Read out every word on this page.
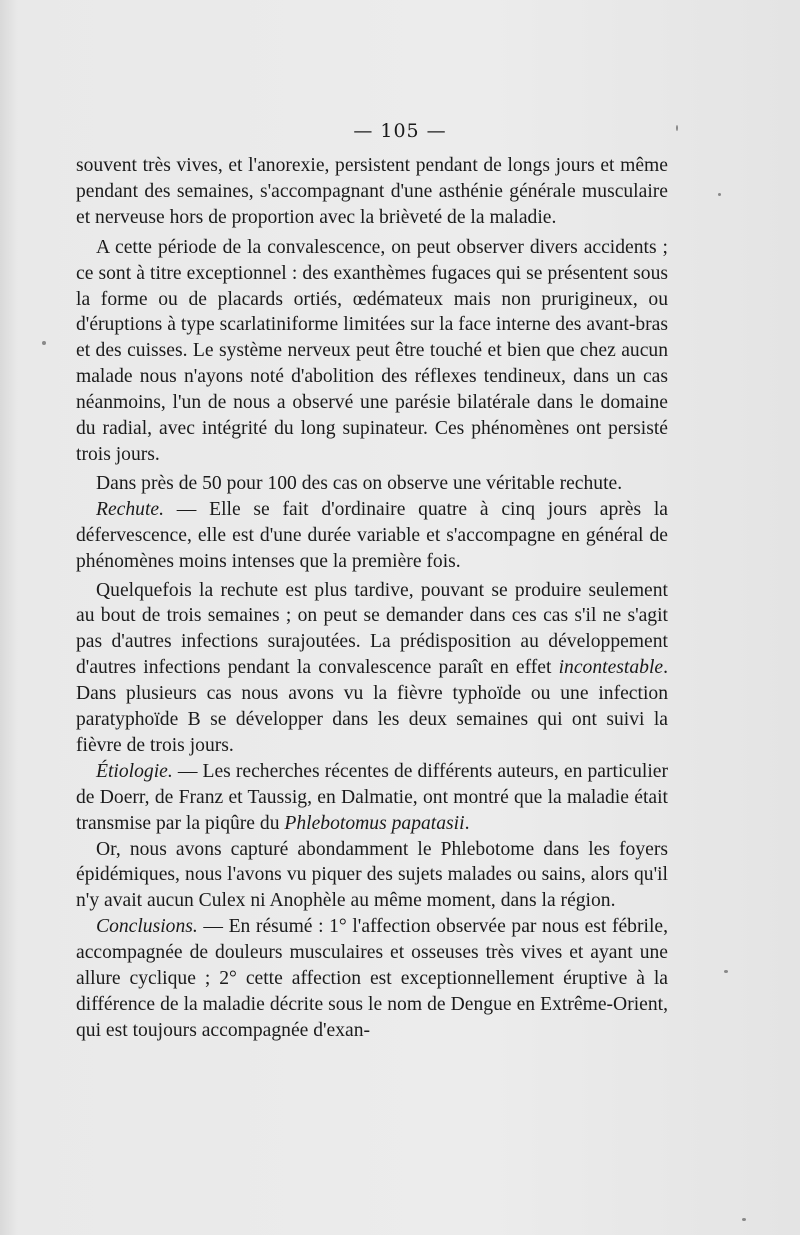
— 105 —

souvent très vives, et l'anorexie, persistent pendant de longs jours et même pendant des semaines, s'accompagnant d'une asthénie générale musculaire et nerveuse hors de proportion avec la brièveté de la maladie.

A cette période de la convalescence, on peut observer divers accidents ; ce sont à titre exceptionnel : des exanthèmes fugaces qui se présentent sous la forme ou de placards ortiés, œdémateux mais non prurigineux, ou d'éruptions à type scarlatiniforme limitées sur la face interne des avant-bras et des cuisses. Le système nerveux peut être touché et bien que chez aucun malade nous n'ayons noté d'abolition des réflexes tendineux, dans un cas néanmoins, l'un de nous a observé une parésie bilatérale dans le domaine du radial, avec intégrité du long supinateur. Ces phénomènes ont persisté trois jours.

Dans près de 50 pour 100 des cas on observe une véritable rechute.

Rechute. — Elle se fait d'ordinaire quatre à cinq jours après la défervescence, elle est d'une durée variable et s'accompagne en général de phénomènes moins intenses que la première fois.

Quelquefois la rechute est plus tardive, pouvant se produire seulement au bout de trois semaines ; on peut se demander dans ces cas s'il ne s'agit pas d'autres infections surajoutées. La prédisposition au développement d'autres infections pendant la convalescence paraît en effet incontestable. Dans plusieurs cas nous avons vu la fièvre typhoïde ou une infection paratyphoïde B se développer dans les deux semaines qui ont suivi la fièvre de trois jours.

Étiologie. — Les recherches récentes de différents auteurs, en particulier de Doerr, de Franz et Taussig, en Dalmatie, ont montré que la maladie était transmise par la piqûre du Phlebotomus papatasii.

Or, nous avons capturé abondamment le Phlebotome dans les foyers épidémiques, nous l'avons vu piquer des sujets malades ou sains, alors qu'il n'y avait aucun Culex ni Anophèle au même moment, dans la région.

Conclusions. — En résumé : 1° l'affection observée par nous est fébrile, accompagnée de douleurs musculaires et osseuses très vives et ayant une allure cyclique ; 2° cette affection est exceptionnellement éruptive à la différence de la maladie décrite sous le nom de Dengue en Extrême-Orient, qui est toujours accompagnée d'exan-
